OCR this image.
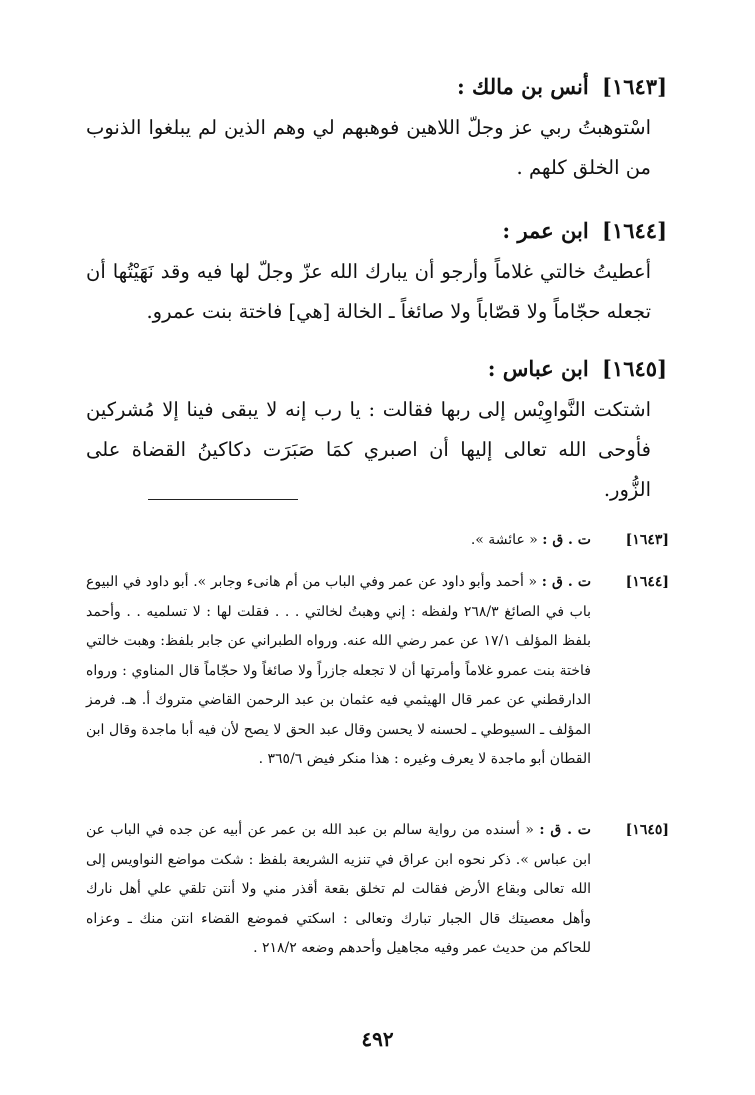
[١٦٤٣] أنس بن مالك :

اسْتوهبتُ ربي عز وجلّ اللاهين فوهبهم لي وهم الذين لم يبلغوا الذنوب من الخلق كلهم .

[١٦٤٤] ابن عمر :

أعطيتُ خالتي غلاماً وأرجو أن يبارك الله عزّ وجلّ لها فيه وقد نَهَيْتُها أن تجعله حجّاماً ولا قصّاباً ولا صائغاً ـ الخالة [هي] فاختة بنت عمرو.

[١٦٤٥] ابن عباس :

اشتكت النَّواوِيْس إلى ربها فقالت : يا رب إنه لا يبقى فينا إلا مُشركين فأوحى الله تعالى إليها أن اصبري كمَا صَبَرَت دكاكينُ القضاة على الزُّور.

[١٦٤٣]

ت . ق : « عائشة ».

[١٦٤٤]

ت . ق : « أحمد وأبو داود عن عمر وفي الباب من أم هانىء وجابر ». أبو داود في البيوع باب في الصائغ ٢٦٨/٣ ولفظه : إني وهبتُ لخالتي . . . فقلت لها : لا تسلميه . . وأحمد بلفظ المؤلف ١٧/١ عن عمر رضي الله عنه. ورواه الطبراني عن جابر بلفظ: وهبت خالتي فاختة بنت عمرو غلاماً وأمرتها أن لا تجعله جازراً ولا صائغاً ولا حجّاماً قال المناوي : ورواه الدارقطني عن عمر قال الهيثمي فيه عثمان بن عبد الرحمن القاضي متروك أ. هـ. فرمز المؤلف ـ السيوطي ـ لحسنه لا يحسن وقال عبد الحق لا يصح لأن فيه أبا ماجدة وقال ابن القطان أبو ماجدة لا يعرف وغيره : هذا منكر فيض ٣٦٥/٦ .

[١٦٤٥]

ت . ق : « أسنده من رواية سالم بن عبد الله بن عمر عن أبيه عن جده في الباب عن ابن عباس ». ذكر نحوه ابن عراق في تنزيه الشريعة بلفظ : شكت مواضع النواويس إلى الله تعالى وبقاع الأرض فقالت لم تخلق بقعة أقذر مني ولا أنتن تلقي علي أهل نارك وأهل معصيتك قال الجبار تبارك وتعالى : اسكتي فموضع القضاء انتن منك ـ وعزاه للحاكم من حديث عمر وفيه مجاهيل وأحدهم وضعه ٢١٨/٢ .

٤٩٢
